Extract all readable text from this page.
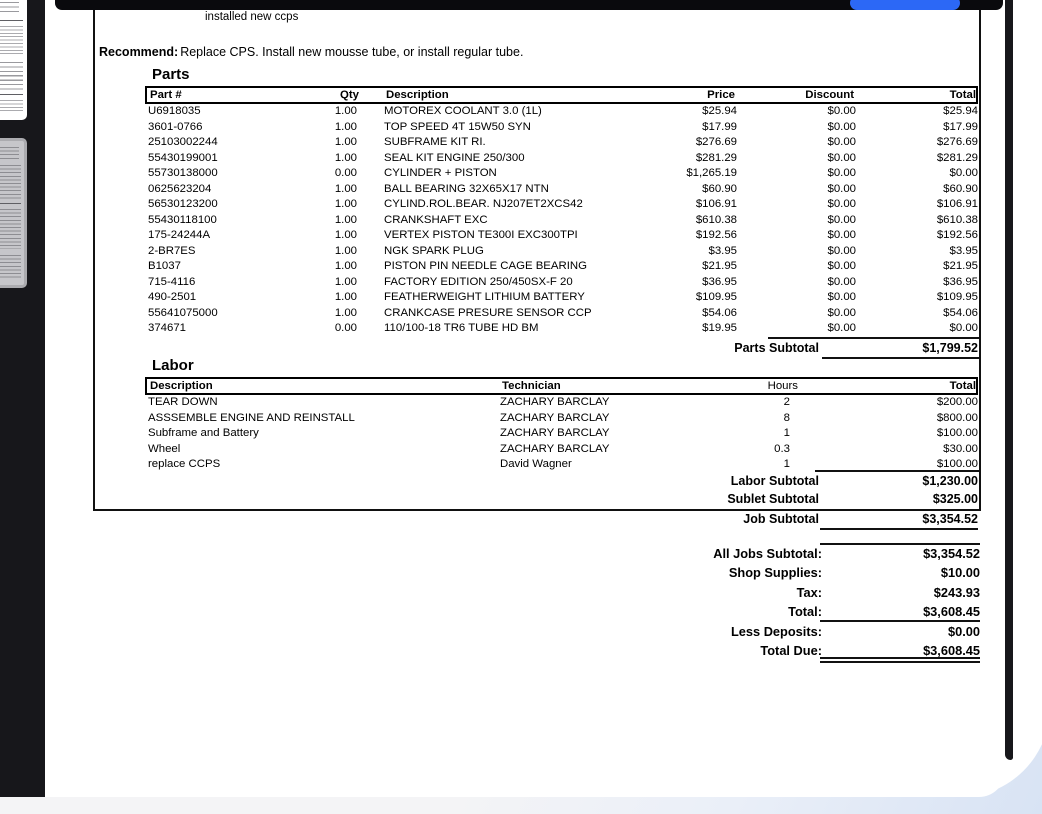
installed new ccps
Recommend: Replace CPS. Install new mousse tube, or install regular tube.
Parts
Part #	Qty	Description	Price	Discount	Total
U6918035	1.00	MOTOREX COOLANT 3.0 (1L)	$25.94	$0.00	$25.94
3601-0766	1.00	TOP SPEED 4T 15W50 SYN	$17.99	$0.00	$17.99
25103002244	1.00	SUBFRAME KIT RI.	$276.69	$0.00	$276.69
55430199001	1.00	SEAL KIT ENGINE 250/300	$281.29	$0.00	$281.29
55730138000	0.00	CYLINDER + PISTON	$1,265.19	$0.00	$0.00
0625623204	1.00	BALL BEARING 32X65X17 NTN	$60.90	$0.00	$60.90
56530123200	1.00	CYLIND.ROL.BEAR. NJ207ET2XCS42	$106.91	$0.00	$106.91
55430118100	1.00	CRANKSHAFT EXC	$610.38	$0.00	$610.38
175-24244A	1.00	VERTEX PISTON TE300I EXC300TPI	$192.56	$0.00	$192.56
2-BR7ES	1.00	NGK SPARK PLUG	$3.95	$0.00	$3.95
B1037	1.00	PISTON PIN NEEDLE CAGE BEARING	$21.95	$0.00	$21.95
715-4116	1.00	FACTORY EDITION 250/450SX-F 20	$36.95	$0.00	$36.95
490-2501	1.00	FEATHERWEIGHT LITHIUM BATTERY	$109.95	$0.00	$109.95
55641075000	1.00	CRANKCASE PRESURE SENSOR CCP	$54.06	$0.00	$54.06
374671	0.00	110/100-18 TR6 TUBE HD BM	$19.95	$0.00	$0.00
Parts Subtotal	$1,799.52
Labor
Description	Technician	Hours	Total
TEAR DOWN	ZACHARY BARCLAY	2	$200.00
ASSSEMBLE ENGINE AND REINSTALL	ZACHARY BARCLAY	8	$800.00
Subframe and Battery	ZACHARY BARCLAY	1	$100.00
Wheel	ZACHARY BARCLAY	0.3	$30.00
replace CCPS	David Wagner	1	$100.00
Labor Subtotal	$1,230.00
Sublet Subtotal	$325.00
Job Subtotal	$3,354.52
All Jobs Subtotal:	$3,354.52
Shop Supplies:	$10.00
Tax:	$243.93
Total:	$3,608.45
Less Deposits:	$0.00
Total Due:	$3,608.45
